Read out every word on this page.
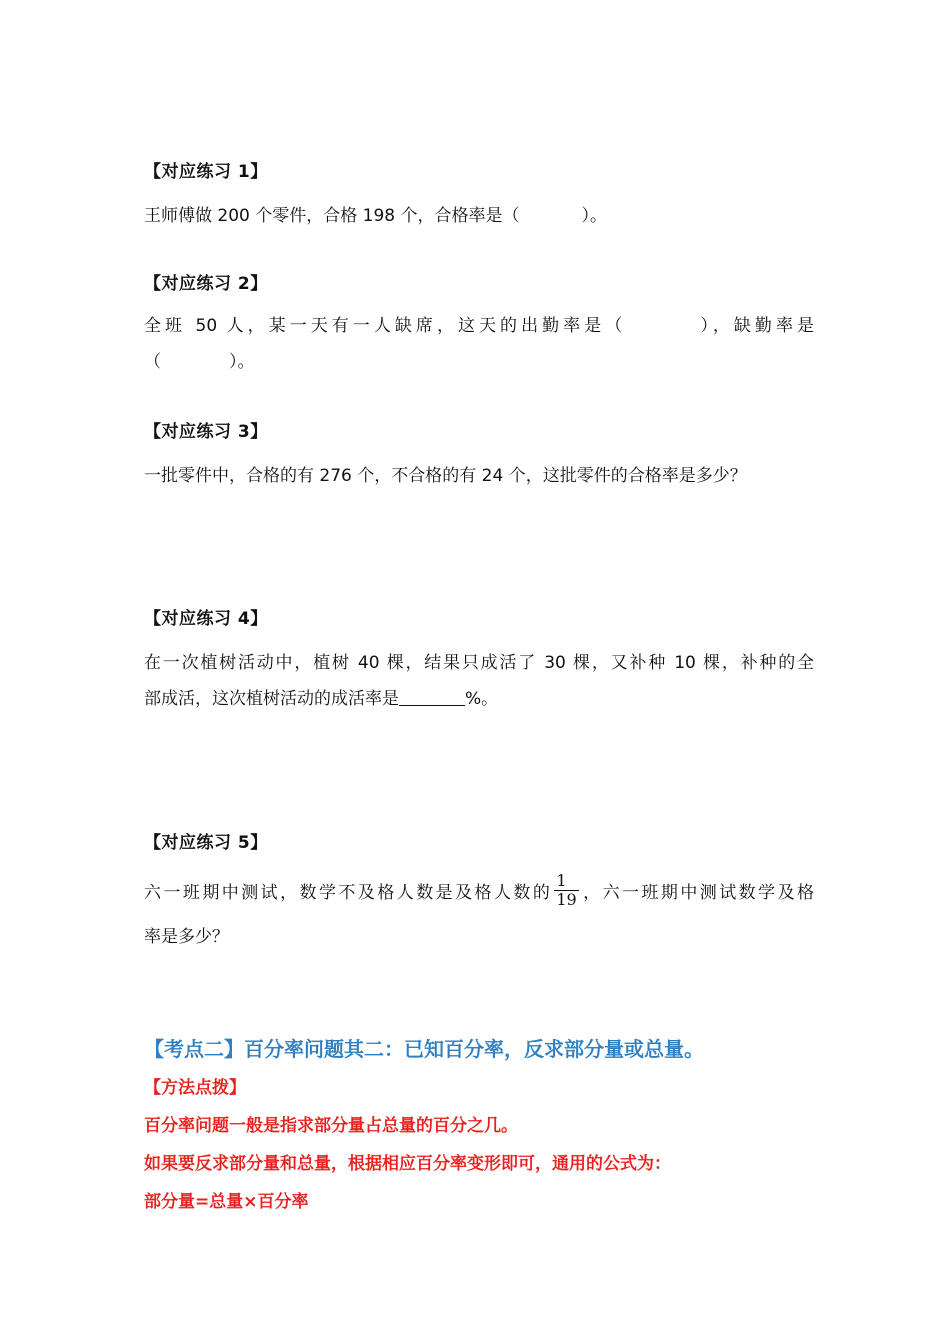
【对应练习 1】
王师傅做 200 个零件，合格 198 个，合格率是（	）。
【对应练习 2】
全班 50 人，某一天有一人缺席，这天的出勤率是（	），缺勤率是
（	）。
【对应练习 3】
一批零件中，合格的有 276 个，不合格的有 24 个，这批零件的合格率是多少？
【对应练习 4】
在一次植树活动中，植树 40 棵，结果只成活了 30 棵，又补种 10 棵，补种的全
部成活，这次植树活动的成活率是	%。
【对应练习 5】
六一班期中测试，数学不及格人数是及格人数的 $\frac{1}{19}$ ，六一班期中测试数学及格
率是多少？
【考点二】百分率问题其二：已知百分率，反求部分量或总量。
【方法点拨】
百分率问题一般是指求部分量占总量的百分之几。
如果要反求部分量和总量，根据相应百分率变形即可，通用的公式为：
部分量=总量×百分率
